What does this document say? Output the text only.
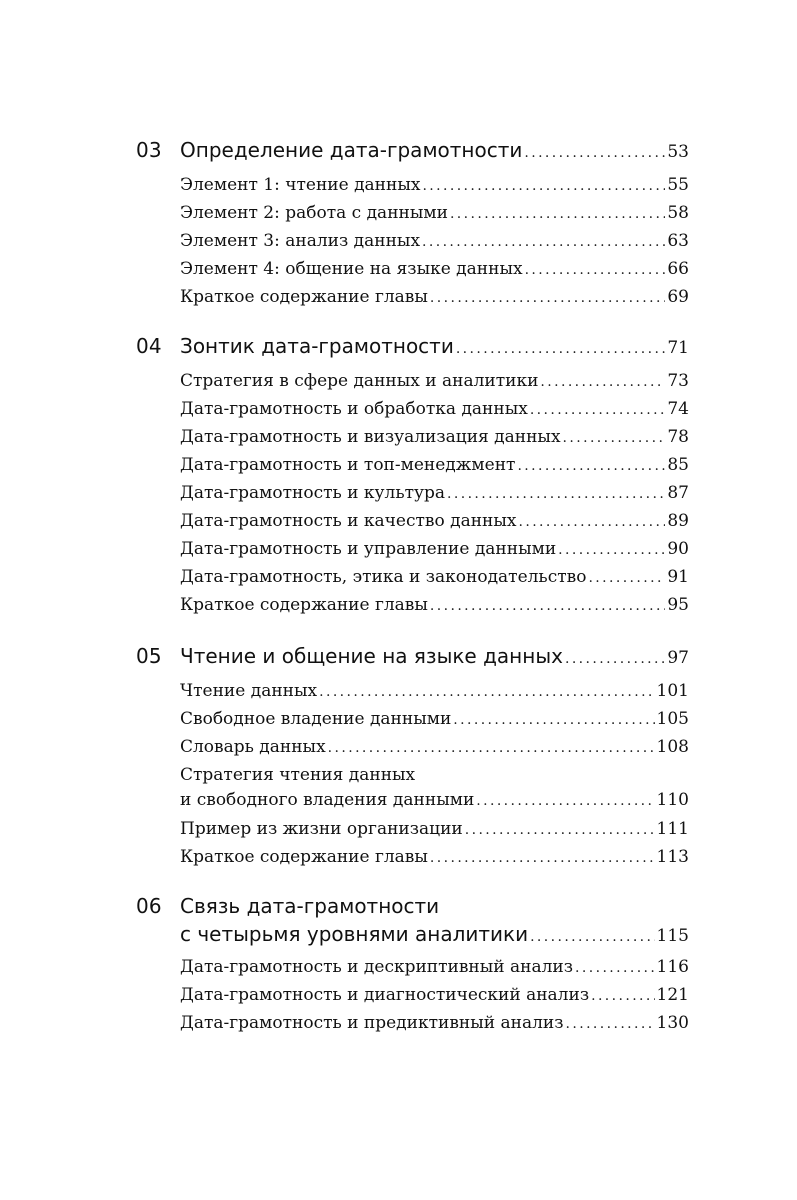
03 Определение дата-грамотности .....	53
Элемент 1: чтение данных .....	55
Элемент 2: работа с данными .....	58
Элемент 3: анализ данных .....	63
Элемент 4: общение на языке данных .....	66
Краткое содержание главы .....	69
04 Зонтик дата-грамотности .....	71
Стратегия в сфере данных и аналитики .....	73
Дата-грамотность и обработка данных .....	74
Дата-грамотность и визуализация данных .....	78
Дата-грамотность и топ-менеджмент .....	85
Дата-грамотность и культура .....	87
Дата-грамотность и качество данных .....	89
Дата-грамотность и управление данными .....	90
Дата-грамотность, этика и законодательство .....	91
Краткое содержание главы .....	95
05 Чтение и общение на языке данных .....	97
Чтение данных .....	101
Свободное владение данными .....	105
Словарь данных .....	108
Стратегия чтения данных
и свободного владения данными .....	110
Пример из жизни организации .....	111
Краткое содержание главы .....	113
06 Связь дата-грамотности
с четырьмя уровнями аналитики .....	115
Дата-грамотность и дескриптивный анализ .....	116
Дата-грамотность и диагностический анализ .....	121
Дата-грамотность и предиктивный анализ .....	130
